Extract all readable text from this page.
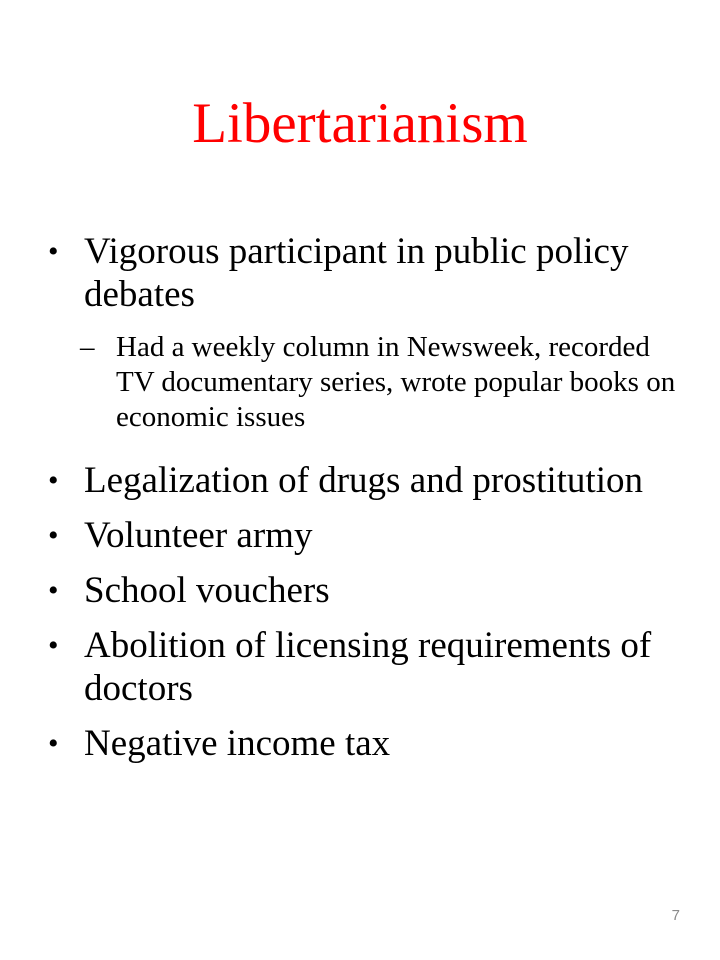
Libertarianism
• Vigorous participant in public policy debates
– Had a weekly column in Newsweek, recorded TV documentary series, wrote popular books on economic issues
• Legalization of drugs and prostitution
• Volunteer army
• School vouchers
• Abolition of licensing requirements of doctors
• Negative income tax
7
